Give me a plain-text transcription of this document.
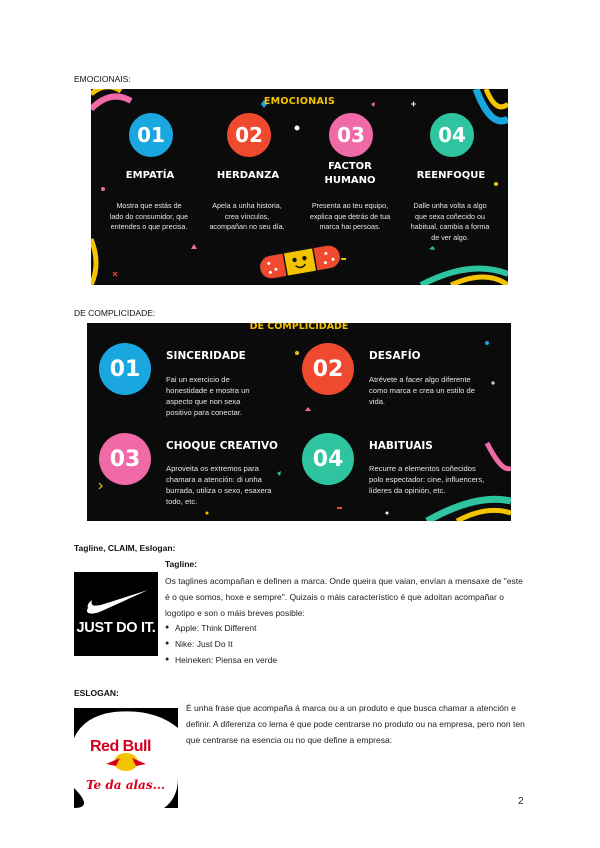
EMOCIONAIS:
EMOCIONAIS
01	02	03	04
EMPATÍA	HERDANZA
FACTOR HUMANO	REENFOQUE
Mostra que estás de lado do consumidor, que entendes o que precisa.
Apela a unha historia, crea vínculos, acompañan no seu día.
Presenta ao teu equipo, explica que detrás de tua marca hai persoas.
Dalle unha volta a algo que sexa coñecido ou habitual, cambia a forma de ver algo.
DE COMPLICIDADE:
DE COMPLICIDADE
01	02
03	04
SINCERIDADE	DESAFÍO
CHOQUE CREATIVO	HABITUAIS
Fai un exercicio de honestidade e mostra un aspecto que non sexa positivo para conectar.
Atrévete a facer algo diferente como marca e crea un estilo de vida.
Aproveita os extremos para chamara a atención: di unha burrada, utiliza o sexo, esaxera todo, etc.
Recurre a elementos coñecidos polo espectador: cine, influencers, líderes da opinión, etc.
Tagline, CLAIM, Eslogan:
Tagline:
Os taglines acompañan e definen a marca. Onde queira que vaian, envían a mensaxe de "este é o que somos, hoxe e sempre". Quizais o máis característico é que adoitan acompañar o logotipo e son o máis breves posible:
● Apple: Think Different
● Nike: Just Do It
● Heineken: Piensa en verde
JUST DO IT.
ESLOGAN:
É unha frase que acompaña á marca ou a un produto e que busca chamar a atención e definir. A diferenza co lema é que pode centrarse no produto ou na empresa, pero non ten que centrarse na esencia ou no que define a empresa:
Red Bull
Te da alas...
2
